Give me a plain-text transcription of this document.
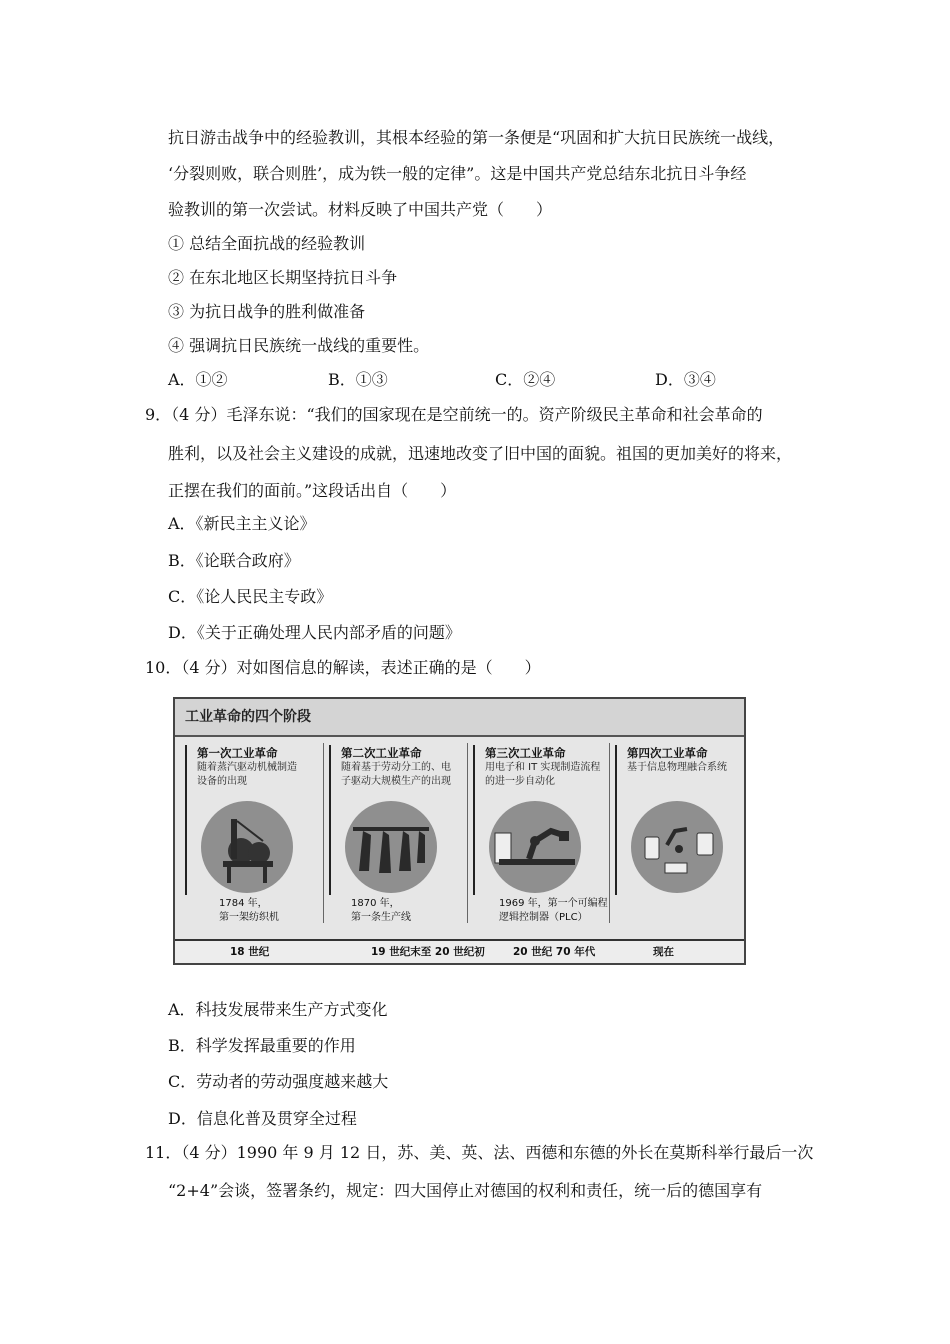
抗日游击战争中的经验教训，其根本经验的第一条便是“巩固和扩大抗日民族统一战线，
‘分裂则败，联合则胜’，成为铁一般的定律”。这是中国共产党总结东北抗日斗争经
验教训的第一次尝试。材料反映了中国共产党（　　）
① 总结全面抗战的经验教训
② 在东北地区长期坚持抗日斗争
③ 为抗日战争的胜利做准备
④ 强调抗日民族统一战线的重要性。
A．①②	B．①③	C．②④	D．③④
9．（4 分）毛泽东说：“我们的国家现在是空前统一的。资产阶级民主革命和社会革命的
胜利，以及社会主义建设的成就，迅速地改变了旧中国的面貌。祖国的更加美好的将来，
正摆在我们的面前。”这段话出自（　　）
A．《新民主主义论》
B．《论联合政府》
C．《论人民民主专政》
D．《关于正确处理人民内部矛盾的问题》
10．（4 分）对如图信息的解读，表述正确的是（　　）
工业革命的四个阶段
第一次工业革命
随着蒸汽驱动机械制造
设备的出现
1784 年，
第一架纺织机
第二次工业革命
随着基于劳动分工的、电
子驱动大规模生产的出现
1870 年，
第一条生产线
第三次工业革命
用电子和 IT 实现制造流程
的进一步自动化
1969 年，第一个可编程
逻辑控制器（PLC）
第四次工业革命
基于信息物理融合系统
18 世纪	19 世纪末至 20 世纪初	20 世纪 70 年代	现在
A．科技发展带来生产方式变化
B．科学发挥最重要的作用
C．劳动者的劳动强度越来越大
D．信息化普及贯穿全过程
11．（4 分）1990 年 9 月 12 日，苏、美、英、法、西德和东德的外长在莫斯科举行最后一次
“2+4”会谈，签署条约，规定：四大国停止对德国的权利和责任，统一后的德国享有
